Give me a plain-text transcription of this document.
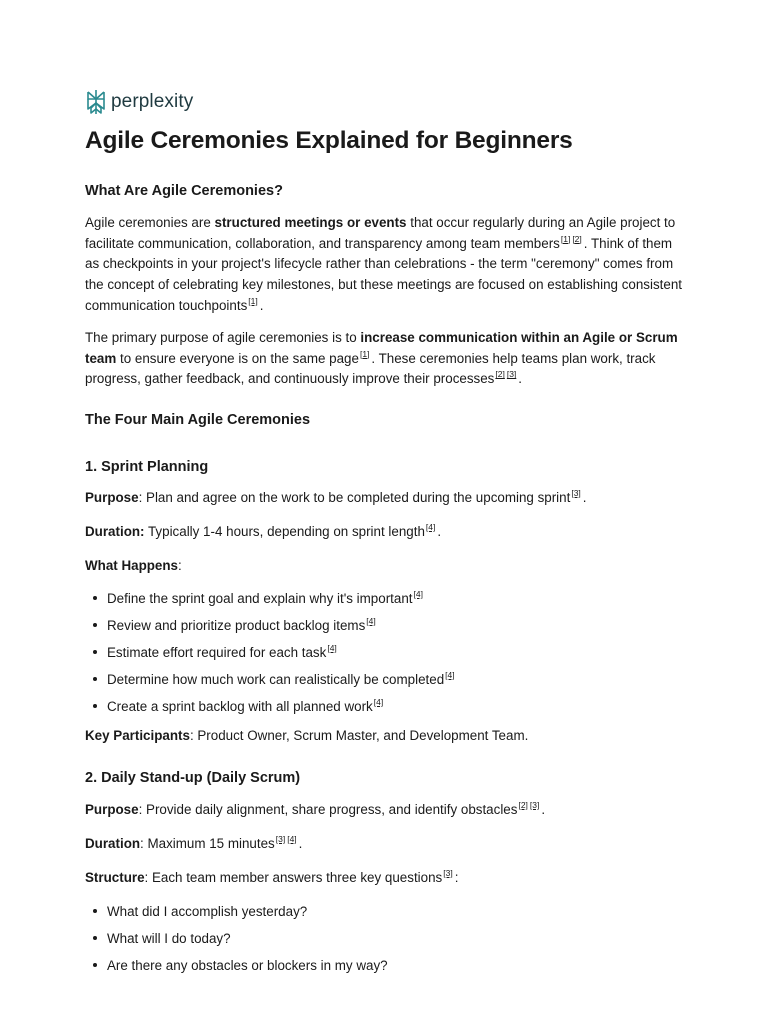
perplexity
Agile Ceremonies Explained for Beginners
What Are Agile Ceremonies?

Agile ceremonies are structured meetings or events that occur regularly during an Agile project to facilitate communication, collaboration, and transparency among team members[1] [2] . Think of them as checkpoints in your project's lifecycle rather than celebrations - the term "ceremony" comes from the concept of celebrating key milestones, but these meetings are focused on establishing consistent communication touchpoints[1] .

The primary purpose of agile ceremonies is to increase communication within an Agile or Scrum team to ensure everyone is on the same page[1] . These ceremonies help teams plan work, track progress, gather feedback, and continuously improve their processes[2] [3] .

The Four Main Agile Ceremonies
1. Sprint Planning

Purpose: Plan and agree on the work to be completed during the upcoming sprint[3] .

Duration: Typically 1-4 hours, depending on sprint length[4] .

What Happens:

Define the sprint goal and explain why it's important[4]
Review and prioritize product backlog items[4]
Estimate effort required for each task[4]
Determine how much work can realistically be completed[4]
Create a sprint backlog with all planned work[4]

Key Participants: Product Owner, Scrum Master, and Development Team.

2. Daily Stand-up (Daily Scrum)

Purpose: Provide daily alignment, share progress, and identify obstacles[2] [3] .

Duration: Maximum 15 minutes[3] [4] .

Structure: Each team member answers three key questions[3] :

What did I accomplish yesterday?
What will I do today?
Are there any obstacles or blockers in my way?
